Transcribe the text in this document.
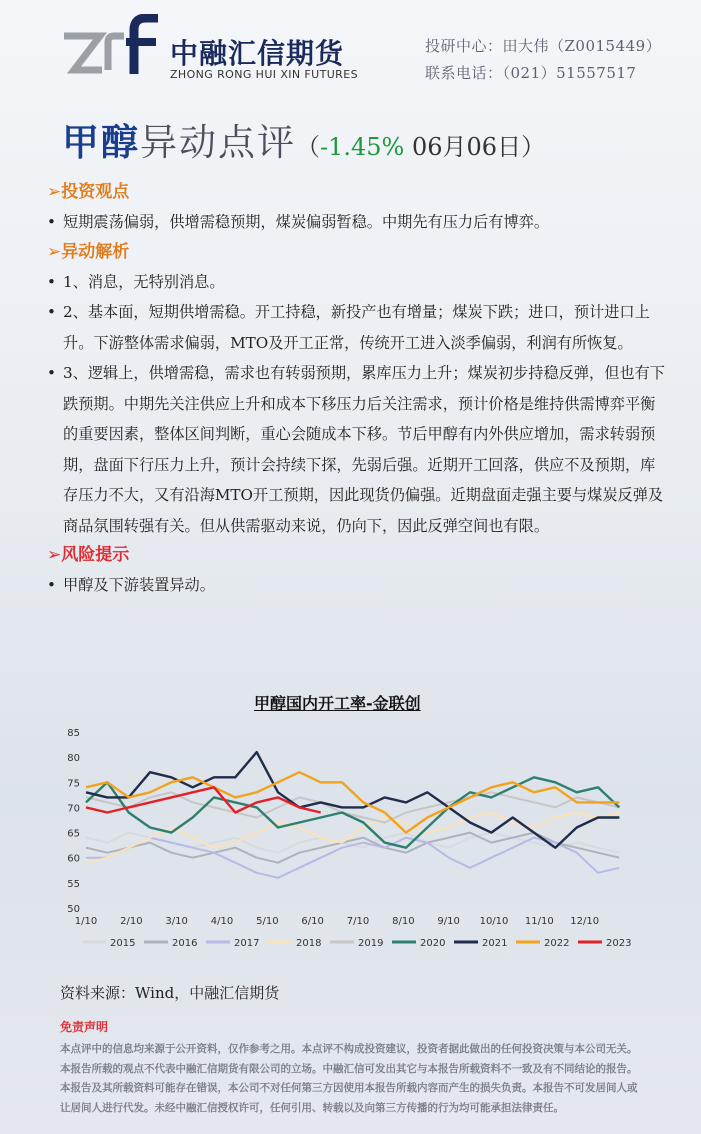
中融汇信期货
ZHONG RONG HUI XIN FUTURES
投研中心：田大伟（Z0015449）
联系电话：（021）51557517
甲醇异动点评（-1.45% 06月06日）
➢投资观点
• 短期震荡偏弱，供增需稳预期，煤炭偏弱暂稳。中期先有压力后有博弈。
➢异动解析
• 1、消息，无特别消息。
• 2、基本面，短期供增需稳。开工持稳，新投产也有增量；煤炭下跌；进口，预计进口上升。下游整体需求偏弱，MTO及开工正常，传统开工进入淡季偏弱，利润有所恢复。
• 3、逻辑上，供增需稳，需求也有转弱预期，累库压力上升；煤炭初步持稳反弹，但也有下跌预期。中期先关注供应上升和成本下移压力后关注需求，预计价格是维持供需博弈平衡的重要因素，整体区间判断，重心会随成本下移。节后甲醇有内外供应增加，需求转弱预期，盘面下行压力上升，预计会持续下探，先弱后强。近期开工回落，供应不及预期，库存压力不大，又有沿海MTO开工预期，因此现货仍偏强。近期盘面走强主要与煤炭反弹及商品氛围转强有关。但从供需驱动来说，仍向下，因此反弹空间也有限。
➢风险提示
• 甲醇及下游装置异动。
甲醇国内开工率-金联创
50
55
60
65
70
75
80
85
1/10 2/10 3/10 4/10 5/10 6/10 7/10 8/10 9/10 10/10 11/10 12/10
2015	2016	2017	2018	2019	2020	2021	2022	2023
资料来源：Wind，中融汇信期货
免责声明
本点评中的信息均来源于公开资料，仅作参考之用。本点评不构成投资建议，投资者据此做出的任何投资决策与本公司无关。本报告所载的观点不代表中融汇信期货有限公司的立场。中融汇信可发出其它与本报告所载资料不一致及有不同结论的报告。本报告及其所载资料可能存在错误，本公司不对任何第三方因使用本报告所载内容而产生的损失负责。本报告不可发居间人或让居间人进行代发。未经中融汇信授权许可，任何引用、转载以及向第三方传播的行为均可能承担法律责任。
